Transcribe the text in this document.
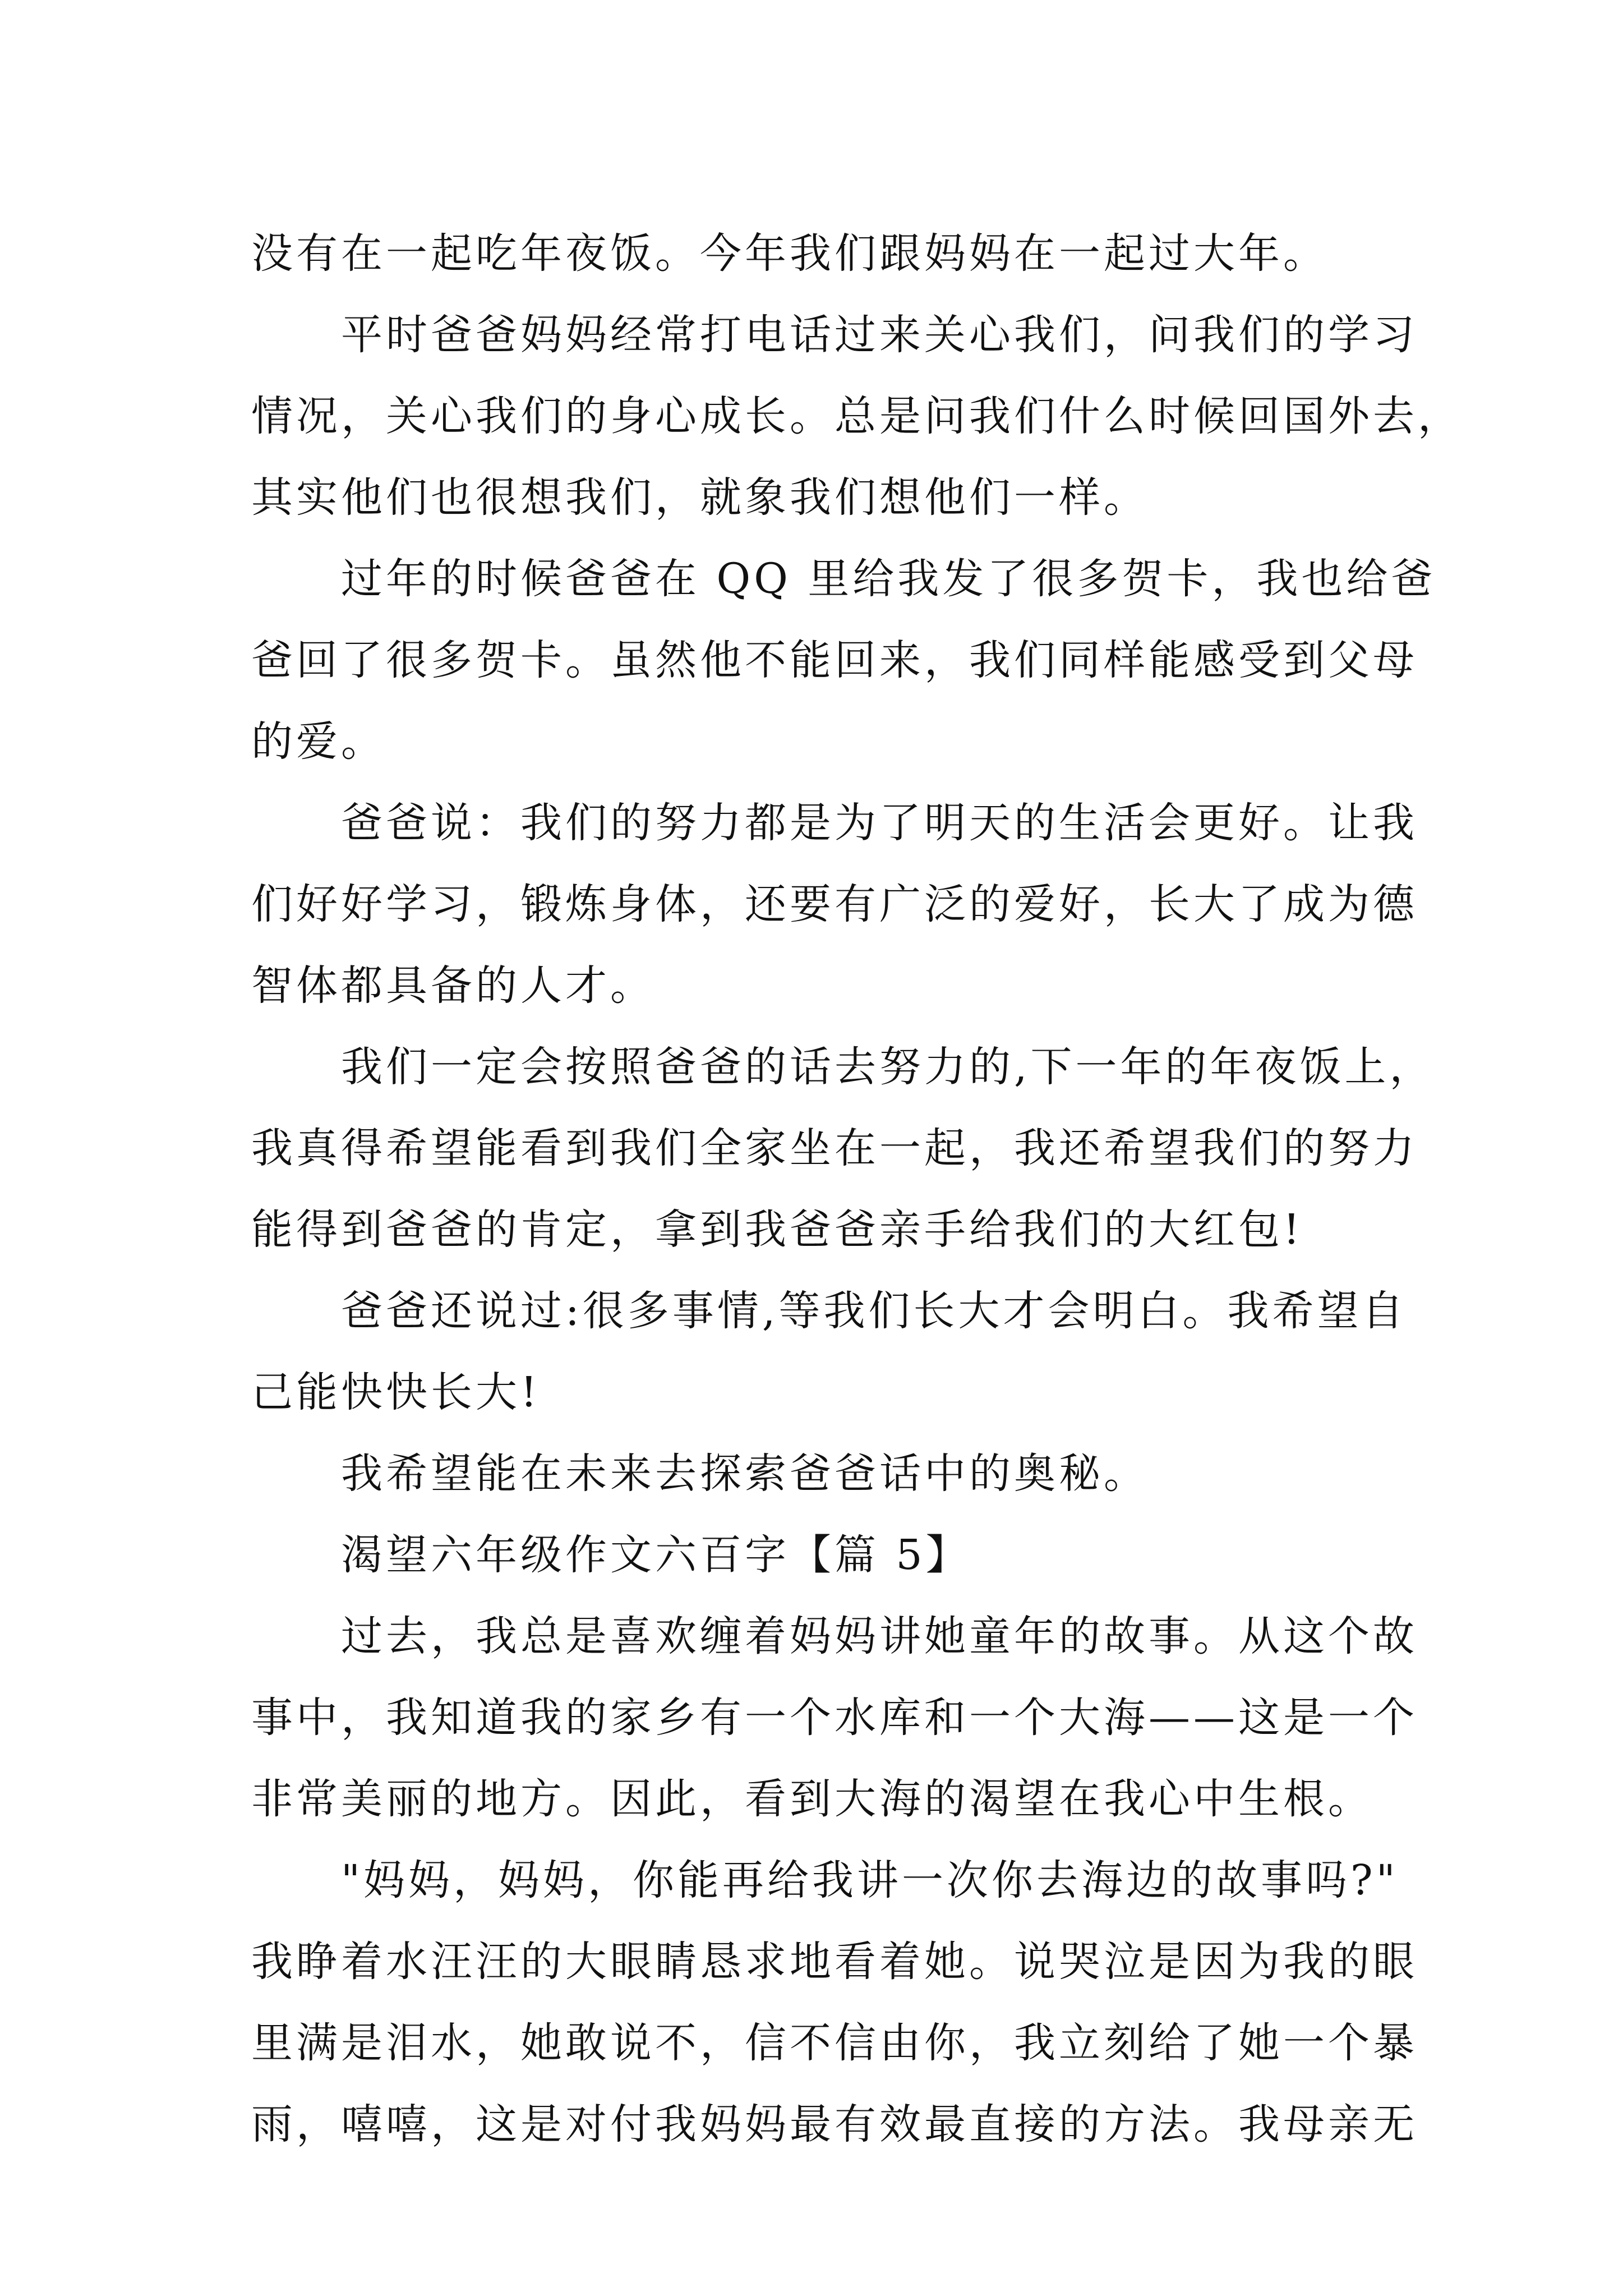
没有在一起吃年夜饭。今年我们跟妈妈在一起过大年。
平时爸爸妈妈经常打电话过来关心我们，问我们的学习
情况，关心我们的身心成长。总是问我们什么时候回国外去，
其实他们也很想我们，就象我们想他们一样。
过年的时候爸爸在 QQ 里给我发了很多贺卡，我也给爸
爸回了很多贺卡。虽然他不能回来，我们同样能感受到父母
的爱。
爸爸说：我们的努力都是为了明天的生活会更好。让我
们好好学习，锻炼身体，还要有广泛的爱好，长大了成为德
智体都具备的人才。
我们一定会按照爸爸的话去努力的,下一年的年夜饭上，
我真得希望能看到我们全家坐在一起，我还希望我们的努力
能得到爸爸的肯定，拿到我爸爸亲手给我们的大红包!
爸爸还说过:很多事情,等我们长大才会明白。我希望自
己能快快长大!
我希望能在未来去探索爸爸话中的奥秘。
渴望六年级作文六百字【篇 5】
过去，我总是喜欢缠着妈妈讲她童年的故事。从这个故
事中，我知道我的家乡有一个水库和一个大海——这是一个
非常美丽的地方。因此，看到大海的渴望在我心中生根。
"妈妈，妈妈，你能再给我讲一次你去海边的故事吗?"
我睁着水汪汪的大眼睛恳求地看着她。说哭泣是因为我的眼
里满是泪水，她敢说不，信不信由你，我立刻给了她一个暴
雨，嘻嘻，这是对付我妈妈最有效最直接的方法。我母亲无
